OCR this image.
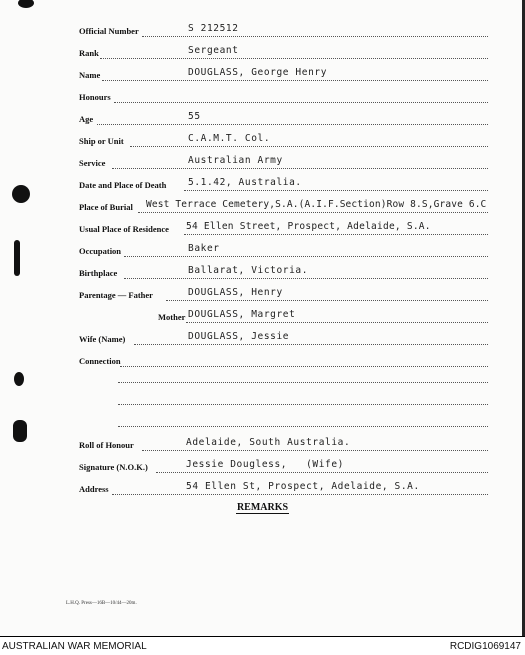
Official Number	S 212512
Rank	Sergeant
Name	DOUGLASS, George Henry
Honours
Age	55
Ship or Unit	C.A.M.T. Col.
Service	Australian Army
Date and Place of Death 5.1.42, Australia.
Place of Burial West Terrace Cemetery,S.A.(A.I.F.Section)Row 8.S,Grave 6.C
Usual Place of Residence 54 Ellen Street, Prospect, Adelaide, S.A.
Occupation	Baker
Birthplace	Ballarat, Victoria.
Parentage — Father	DOUGLASS, Henry
Mother DOUGLASS, Margret
Wife (Name)	DOUGLASS, Jessie
Connection
Roll of Honour	Adelaide, South Australia.
Signature (N.O.K.)	Jessie Dougless,   (Wife)
Address	54 Ellen St, Prospect, Adelaide, S.A.
REMARKS
L.H.Q. Press—16B—10/44—20m.
AUSTRALIAN WAR MEMORIAL	RCDIG1069147
